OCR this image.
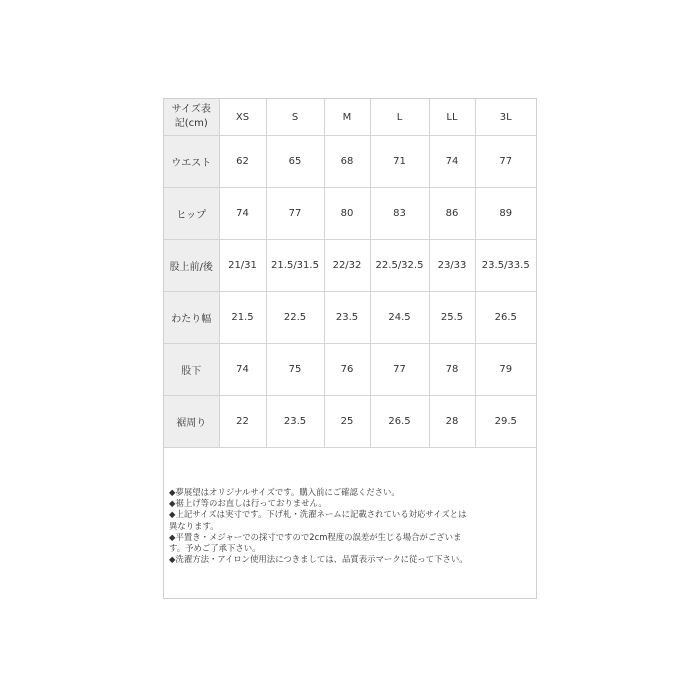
サイズ表
記(cm)	XS	S	M	L	LL	3L
ウエスト	62	65	68	71	74	77
ヒップ	74	77	80	83	86	89
股上前/後	21/31	21.5/31.5	22/32	22.5/32.5	23/33	23.5/33.5
わたり幅	21.5	22.5	23.5	24.5	25.5	26.5
股下	74	75	76	77	78	79
裾周り	22	23.5	25	26.5	28	29.5

◆夢展望はオリジナルサイズです。購入前にご確認ください。

◆裾上げ等のお直しは行っておりません。

◆上記サイズは実寸です。下げ札・洗濯ネームに記載されている対応サイズとは

異なります。

◆平置き・メジャーでの採寸ですので2cm程度の誤差が生じる場合がございま

す。予めご了承下さい。

◆洗濯方法・アイロン使用法につきましては、品質表示マークに従って下さい。
